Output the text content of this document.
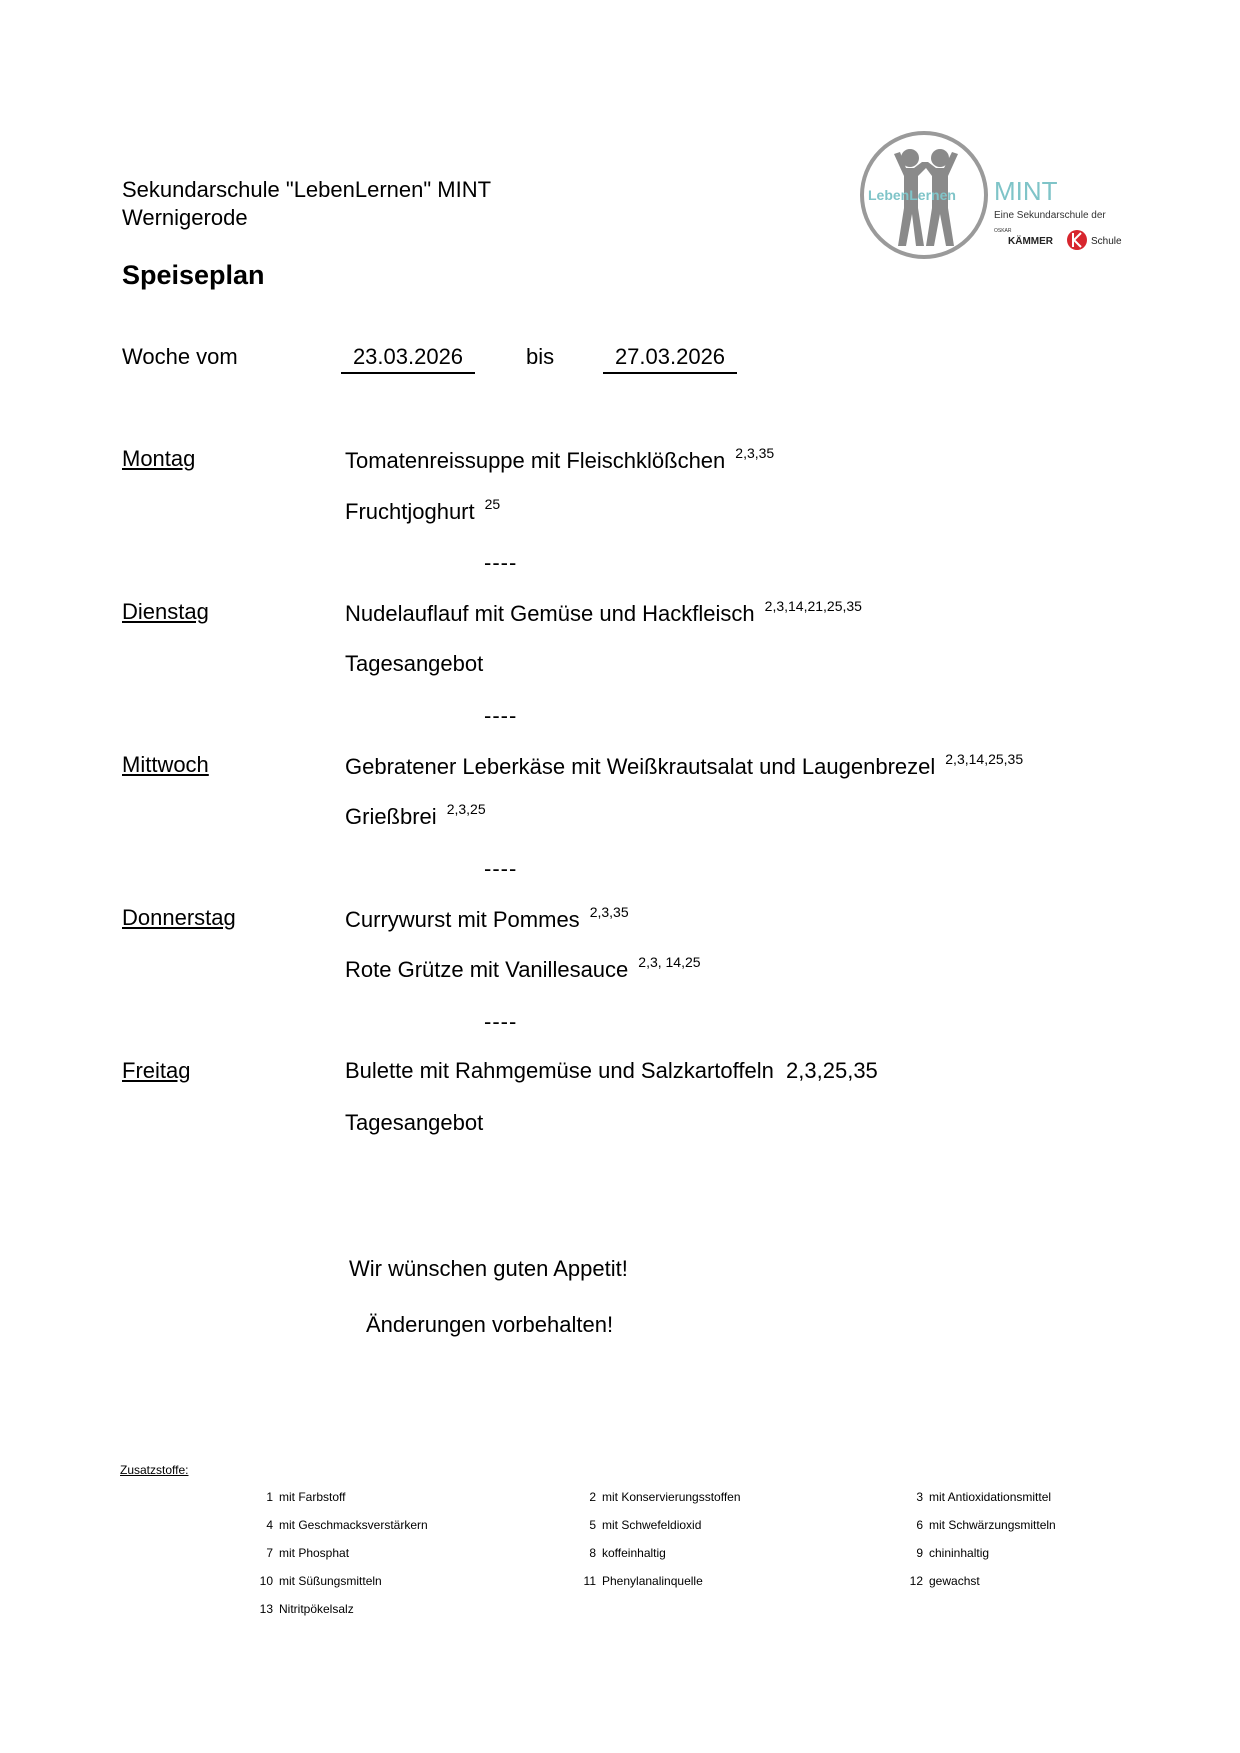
Sekundarschule "LebenLernen" MINT
Wernigerode
Speiseplan
LebenLernen MINT
Eine Sekundarschule der
OSKAR
KÄMMER	Schule
Woche vom	23.03.2026	bis	27.03.2026
Montag	Tomatenreissuppe mit Fleischklößchen $^{2,3,35}$
Fruchtjoghurt $^{25}$
----
Dienstag	Nudelauflauf mit Gemüse und Hackfleisch $^{2,3,14,21,25,35}$
Tagesangebot
----
Mittwoch	Gebratener Leberkäse mit Weißkrautsalat und Laugenbrezel $^{2,3,14,25,35}$
Grießbrei $^{2,3,25}$
----
Donnerstag	Currywurst mit Pommes $^{2,3,35}$
Rote Grütze mit Vanillesauce $^{2,3, 14,25}$
----
Freitag	Bulette mit Rahmgemüse und Salzkartoffeln  2,3,25,35
Tagesangebot
Wir wünschen guten Appetit!
Änderungen vorbehalten!
Zusatzstoffe:
1 mit Farbstoff	2 mit Konservierungsstoffen	3 mit Antioxidationsmittel
4 mit Geschmacksverstärkern	5 mit Schwefeldioxid	6 mit Schwärzungsmitteln
7 mit Phosphat	8 koffeinhaltig	9 chininhaltig
10 mit Süßungsmitteln	11 Phenylanalinquelle	12 gewachst
13 Nitritpökelsalz
